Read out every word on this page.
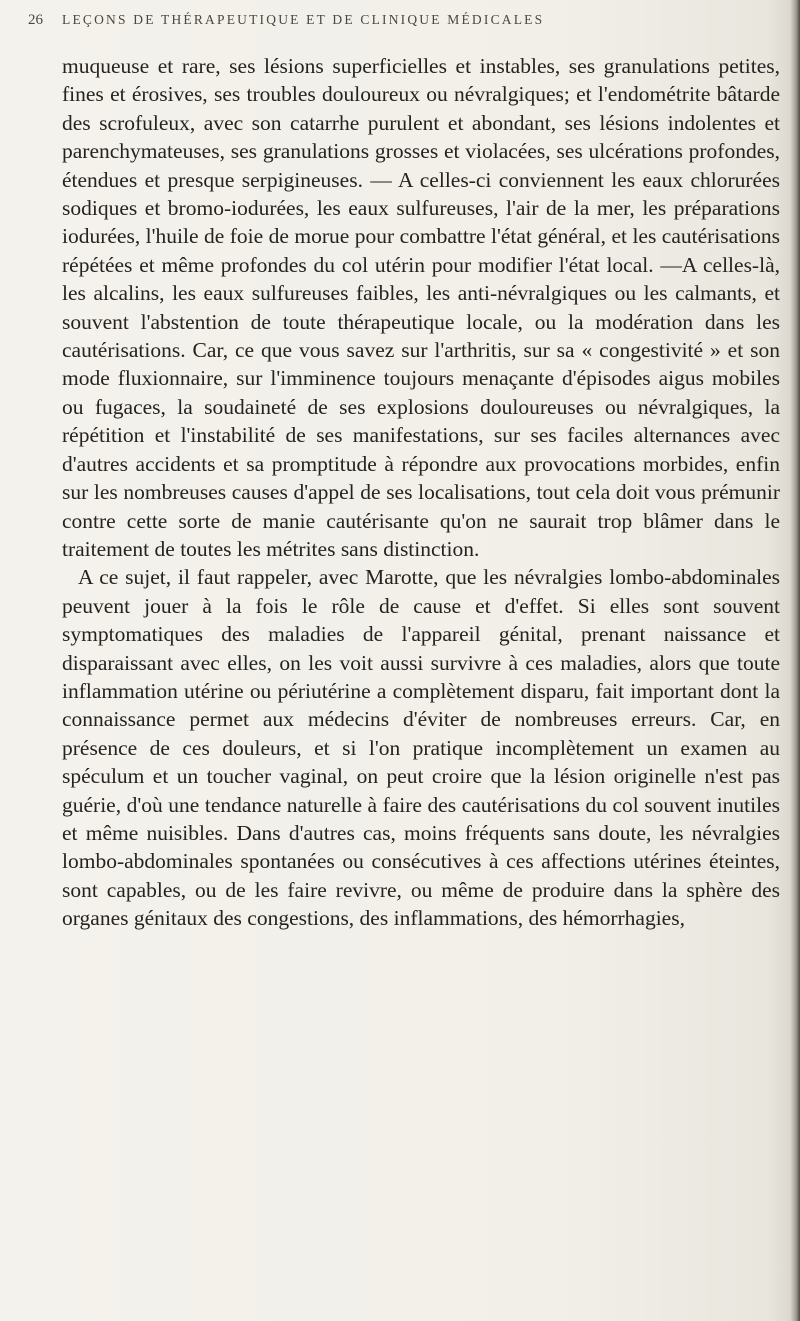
26	LEÇONS DE THÉRAPEUTIQUE ET DE CLINIQUE MÉDICALES

muqueuse et rare, ses lésions superficielles et instables, ses granulations petites, fines et érosives, ses troubles douloureux ou névralgiques; et l'endométrite bâtarde des scrofuleux, avec son catarrhe purulent et abondant, ses lésions indolentes et parenchymateuses, ses granulations grosses et violacées, ses ulcérations profondes, étendues et presque serpigineuses. — A celles-ci conviennent les eaux chlorurées sodiques et bromo-iodurées, les eaux sulfureuses, l'air de la mer, les préparations iodurées, l'huile de foie de morue pour combattre l'état général, et les cautérisations répétées et même profondes du col utérin pour modifier l'état local. —A celles-là, les alcalins, les eaux sulfureuses faibles, les anti-névralgiques ou les calmants, et souvent l'abstention de toute thérapeutique locale, ou la modération dans les cautérisations. Car, ce que vous savez sur l'arthritis, sur sa « congestivité » et son mode fluxionnaire, sur l'imminence toujours menaçante d'épisodes aigus mobiles ou fugaces, la soudaineté de ses explosions douloureuses ou névralgiques, la répétition et l'instabilité de ses manifestations, sur ses faciles alternances avec d'autres accidents et sa promptitude à répondre aux provocations morbides, enfin sur les nombreuses causes d'appel de ses localisations, tout cela doit vous prémunir contre cette sorte de manie cautérisante qu'on ne saurait trop blâmer dans le traitement de toutes les métrites sans distinction.

A ce sujet, il faut rappeler, avec Marotte, que les névralgies lombo-abdominales peuvent jouer à la fois le rôle de cause et d'effet. Si elles sont souvent symptomatiques des maladies de l'appareil génital, prenant naissance et disparaissant avec elles, on les voit aussi survivre à ces maladies, alors que toute inflammation utérine ou périutérine a complètement disparu, fait important dont la connaissance permet aux médecins d'éviter de nombreuses erreurs. Car, en présence de ces douleurs, et si l'on pratique incomplètement un examen au spéculum et un toucher vaginal, on peut croire que la lésion originelle n'est pas guérie, d'où une tendance naturelle à faire des cautérisations du col souvent inutiles et même nuisibles. Dans d'autres cas, moins fréquents sans doute, les névralgies lombo-abdominales spontanées ou consécutives à ces affections utérines éteintes, sont capables, ou de les faire revivre, ou même de produire dans la sphère des organes génitaux des congestions, des inflammations, des hémorrhagies,
